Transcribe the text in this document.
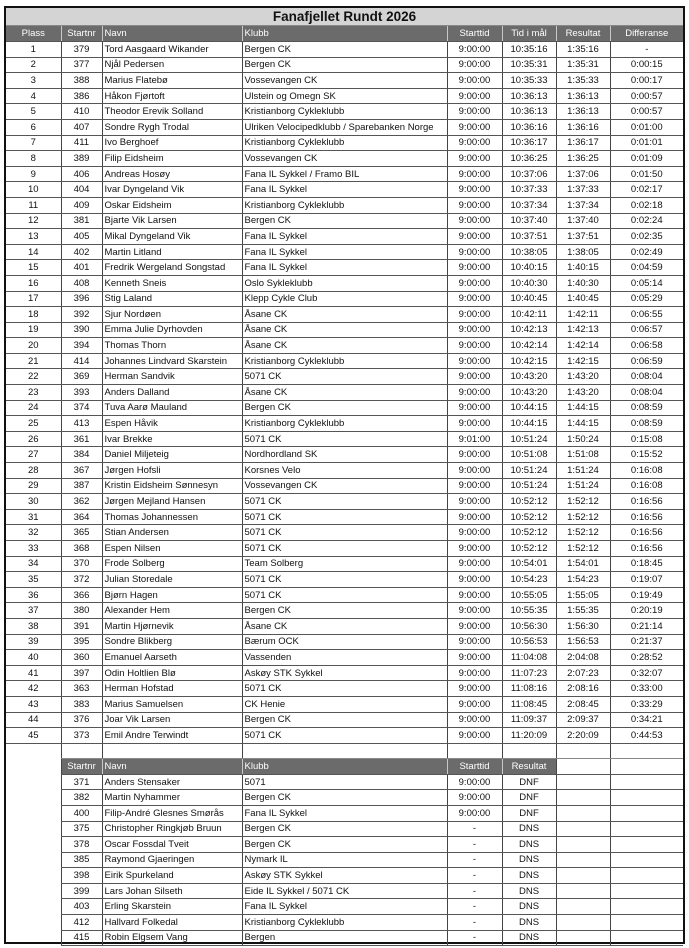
Fanafjellet Rundt 2026							
Plass	Startnr	Navn	Klubb	Starttid	Tid i mål	Resultat	Differanse
1	379	Tord Aasgaard Wikander	Bergen CK	9:00:00	10:35:16	1:35:16	-
2	377	Njål Pedersen	Bergen CK	9:00:00	10:35:31	1:35:31	0:00:15
3	388	Marius Flatebø	Vossevangen CK	9:00:00	10:35:33	1:35:33	0:00:17
4	386	Håkon Fjørtoft	Ulstein og Omegn SK	9:00:00	10:36:13	1:36:13	0:00:57
5	410	Theodor Erevik Solland	Kristianborg Cykleklubb	9:00:00	10:36:13	1:36:13	0:00:57
6	407	Sondre Rygh Trodal	Ulriken Velocipedklubb / Sparebanken Norge	9:00:00	10:36:16	1:36:16	0:01:00
7	411	Ivo Berghoef	Kristianborg Cykleklubb	9:00:00	10:36:17	1:36:17	0:01:01
8	389	Filip Eidsheim	Vossevangen CK	9:00:00	10:36:25	1:36:25	0:01:09
9	406	Andreas Hosøy	Fana IL Sykkel / Framo BIL	9:00:00	10:37:06	1:37:06	0:01:50
10	404	Ivar Dyngeland Vik	Fana IL Sykkel	9:00:00	10:37:33	1:37:33	0:02:17
11	409	Oskar Eidsheim	Kristianborg Cykleklubb	9:00:00	10:37:34	1:37:34	0:02:18
12	381	Bjarte Vik Larsen	Bergen CK	9:00:00	10:37:40	1:37:40	0:02:24
13	405	Mikal Dyngeland Vik	Fana IL Sykkel	9:00:00	10:37:51	1:37:51	0:02:35
14	402	Martin Litland	Fana IL Sykkel	9:00:00	10:38:05	1:38:05	0:02:49
15	401	Fredrik Wergeland Songstad	Fana IL Sykkel	9:00:00	10:40:15	1:40:15	0:04:59
16	408	Kenneth Sneis	Oslo Sykleklubb	9:00:00	10:40:30	1:40:30	0:05:14
17	396	Stig Laland	Klepp Cykle Club	9:00:00	10:40:45	1:40:45	0:05:29
18	392	Sjur Nordøen	Åsane CK	9:00:00	10:42:11	1:42:11	0:06:55
19	390	Emma Julie Dyrhovden	Åsane CK	9:00:00	10:42:13	1:42:13	0:06:57
20	394	Thomas Thorn	Åsane CK	9:00:00	10:42:14	1:42:14	0:06:58
21	414	Johannes Lindvard Skarstein	Kristianborg Cykleklubb	9:00:00	10:42:15	1:42:15	0:06:59
22	369	Herman Sandvik	5071 CK	9:00:00	10:43:20	1:43:20	0:08:04
23	393	Anders Dalland	Åsane CK	9:00:00	10:43:20	1:43:20	0:08:04
24	374	Tuva Aarø Mauland	Bergen CK	9:00:00	10:44:15	1:44:15	0:08:59
25	413	Espen Håvik	Kristianborg Cykleklubb	9:00:00	10:44:15	1:44:15	0:08:59
26	361	Ivar Brekke	5071 CK	9:01:00	10:51:24	1:50:24	0:15:08
27	384	Daniel Miljeteig	Nordhordland SK	9:00:00	10:51:08	1:51:08	0:15:52
28	367	Jørgen Hofsli	Korsnes Velo	9:00:00	10:51:24	1:51:24	0:16:08
29	387	Kristin Eidsheim Sønnesyn	Vossevangen CK	9:00:00	10:51:24	1:51:24	0:16:08
30	362	Jørgen Mejland Hansen	5071 CK	9:00:00	10:52:12	1:52:12	0:16:56
31	364	Thomas Johannessen	5071 CK	9:00:00	10:52:12	1:52:12	0:16:56
32	365	Stian Andersen	5071 CK	9:00:00	10:52:12	1:52:12	0:16:56
33	368	Espen Nilsen	5071 CK	9:00:00	10:52:12	1:52:12	0:16:56
34	370	Frode Solberg	Team Solberg	9:00:00	10:54:01	1:54:01	0:18:45
35	372	Julian Storedale	5071 CK	9:00:00	10:54:23	1:54:23	0:19:07
36	366	Bjørn Hagen	5071 CK	9:00:00	10:55:05	1:55:05	0:19:49
37	380	Alexander Hem	Bergen CK	9:00:00	10:55:35	1:55:35	0:20:19
38	391	Martin Hjørnevik	Åsane CK	9:00:00	10:56:30	1:56:30	0:21:14
39	395	Sondre Blikberg	Bærum OCK	9:00:00	10:56:53	1:56:53	0:21:37
40	360	Emanuel Aarseth	Vassenden	9:00:00	11:04:08	2:04:08	0:28:52
41	397	Odin Holtlien Blø	Askøy STK Sykkel	9:00:00	11:07:23	2:07:23	0:32:07
42	363	Herman Hofstad	5071 CK	9:00:00	11:08:16	2:08:16	0:33:00
43	383	Marius Samuelsen	CK Henie	9:00:00	11:08:45	2:08:45	0:33:29
44	376	Joar Vik Larsen	Bergen CK	9:00:00	11:09:37	2:09:37	0:34:21
45	373	Emil Andre Terwindt	5071 CK	9:00:00	11:20:09	2:20:09	0:44:53

	Startnr	Navn	Klubb	Starttid	Resultat		
	371	Anders Stensaker	5071	9:00:00	DNF		
	382	Martin Nyhammer	Bergen CK	9:00:00	DNF		
	400	Filip-André Glesnes Smørås	Fana IL Sykkel	9:00:00	DNF		
	375	Christopher Ringkjøb Bruun	Bergen CK	-	DNS		
	378	Oscar Fossdal Tveit	Bergen CK	-	DNS		
	385	Raymond Gjaeringen	Nymark IL	-	DNS		
	398	Eirik Spurkeland	Askøy STK Sykkel	-	DNS		
	399	Lars Johan Silseth	Eide IL Sykkel / 5071 CK	-	DNS		
	403	Erling Skarstein	Fana IL Sykkel	-	DNS		
	412	Hallvard Folkedal	Kristianborg Cykleklubb	-	DNS		
	415	Robin Elgsem Vang	Bergen	-	DNS		
